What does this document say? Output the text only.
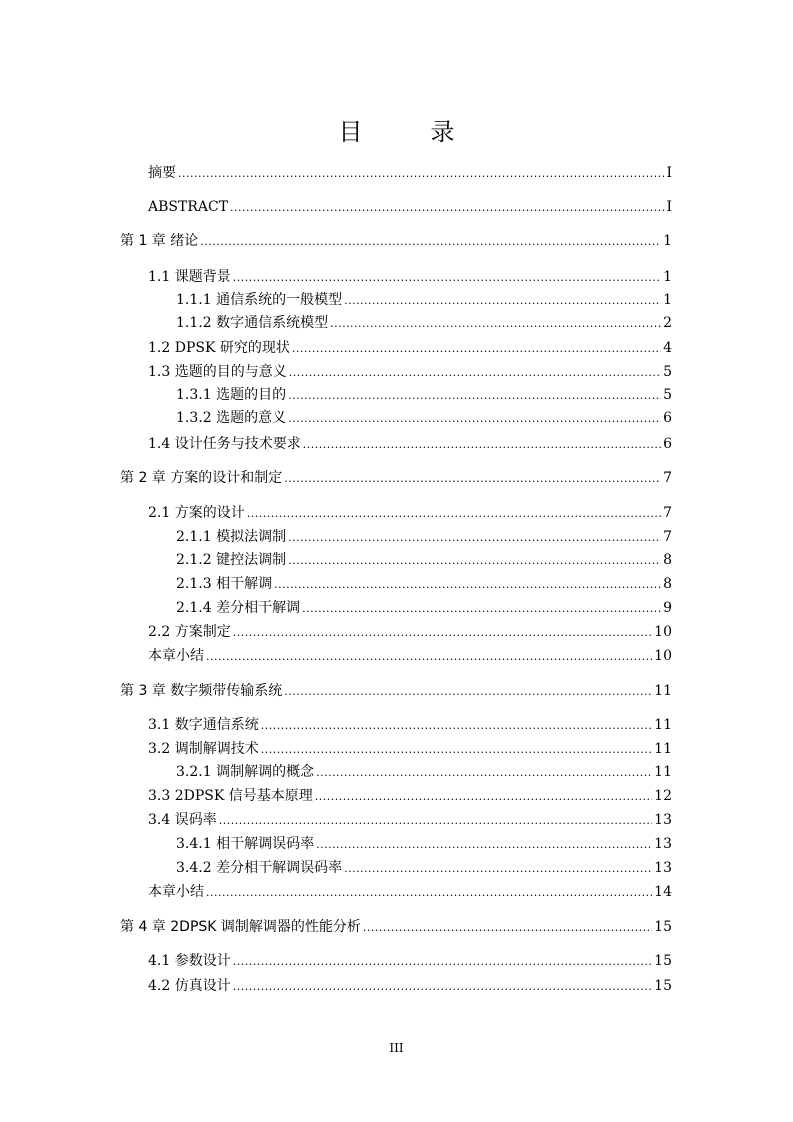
目　录
摘要 .....	I
ABSTRACT .....	I
第 1 章 绪论 .....	1
1.1 课题背景 .....	1
1.1.1 通信系统的一般模型 .....	1
1.1.2 数字通信系统模型 .....	2
1.2 DPSK 研究的现状 .....	4
1.3 选题的目的与意义 .....	5
1.3.1 选题的目的 .....	5
1.3.2 选题的意义 .....	6
1.4 设计任务与技术要求 .....	6
第 2 章 方案的设计和制定 .....	7
2.1 方案的设计 .....	7
2.1.1 模拟法调制 .....	7
2.1.2 键控法调制 .....	8
2.1.3 相干解调 .....	8
2.1.4 差分相干解调 .....	9
2.2 方案制定 .....	10
本章小结 .....	10
第 3 章 数字频带传输系统 .....	11
3.1 数字通信系统 .....	11
3.2 调制解调技术 .....	11
3.2.1 调制解调的概念 .....	11
3.3 2DPSK 信号基本原理 .....	12
3.4 误码率 .....	13
3.4.1 相干解调误码率 .....	13
3.4.2 差分相干解调误码率 .....	13
本章小结 .....	14
第 4 章 2DPSK 调制解调器的性能分析 .....	15
4.1 参数设计 .....	15
4.2 仿真设计 .....	15
III
